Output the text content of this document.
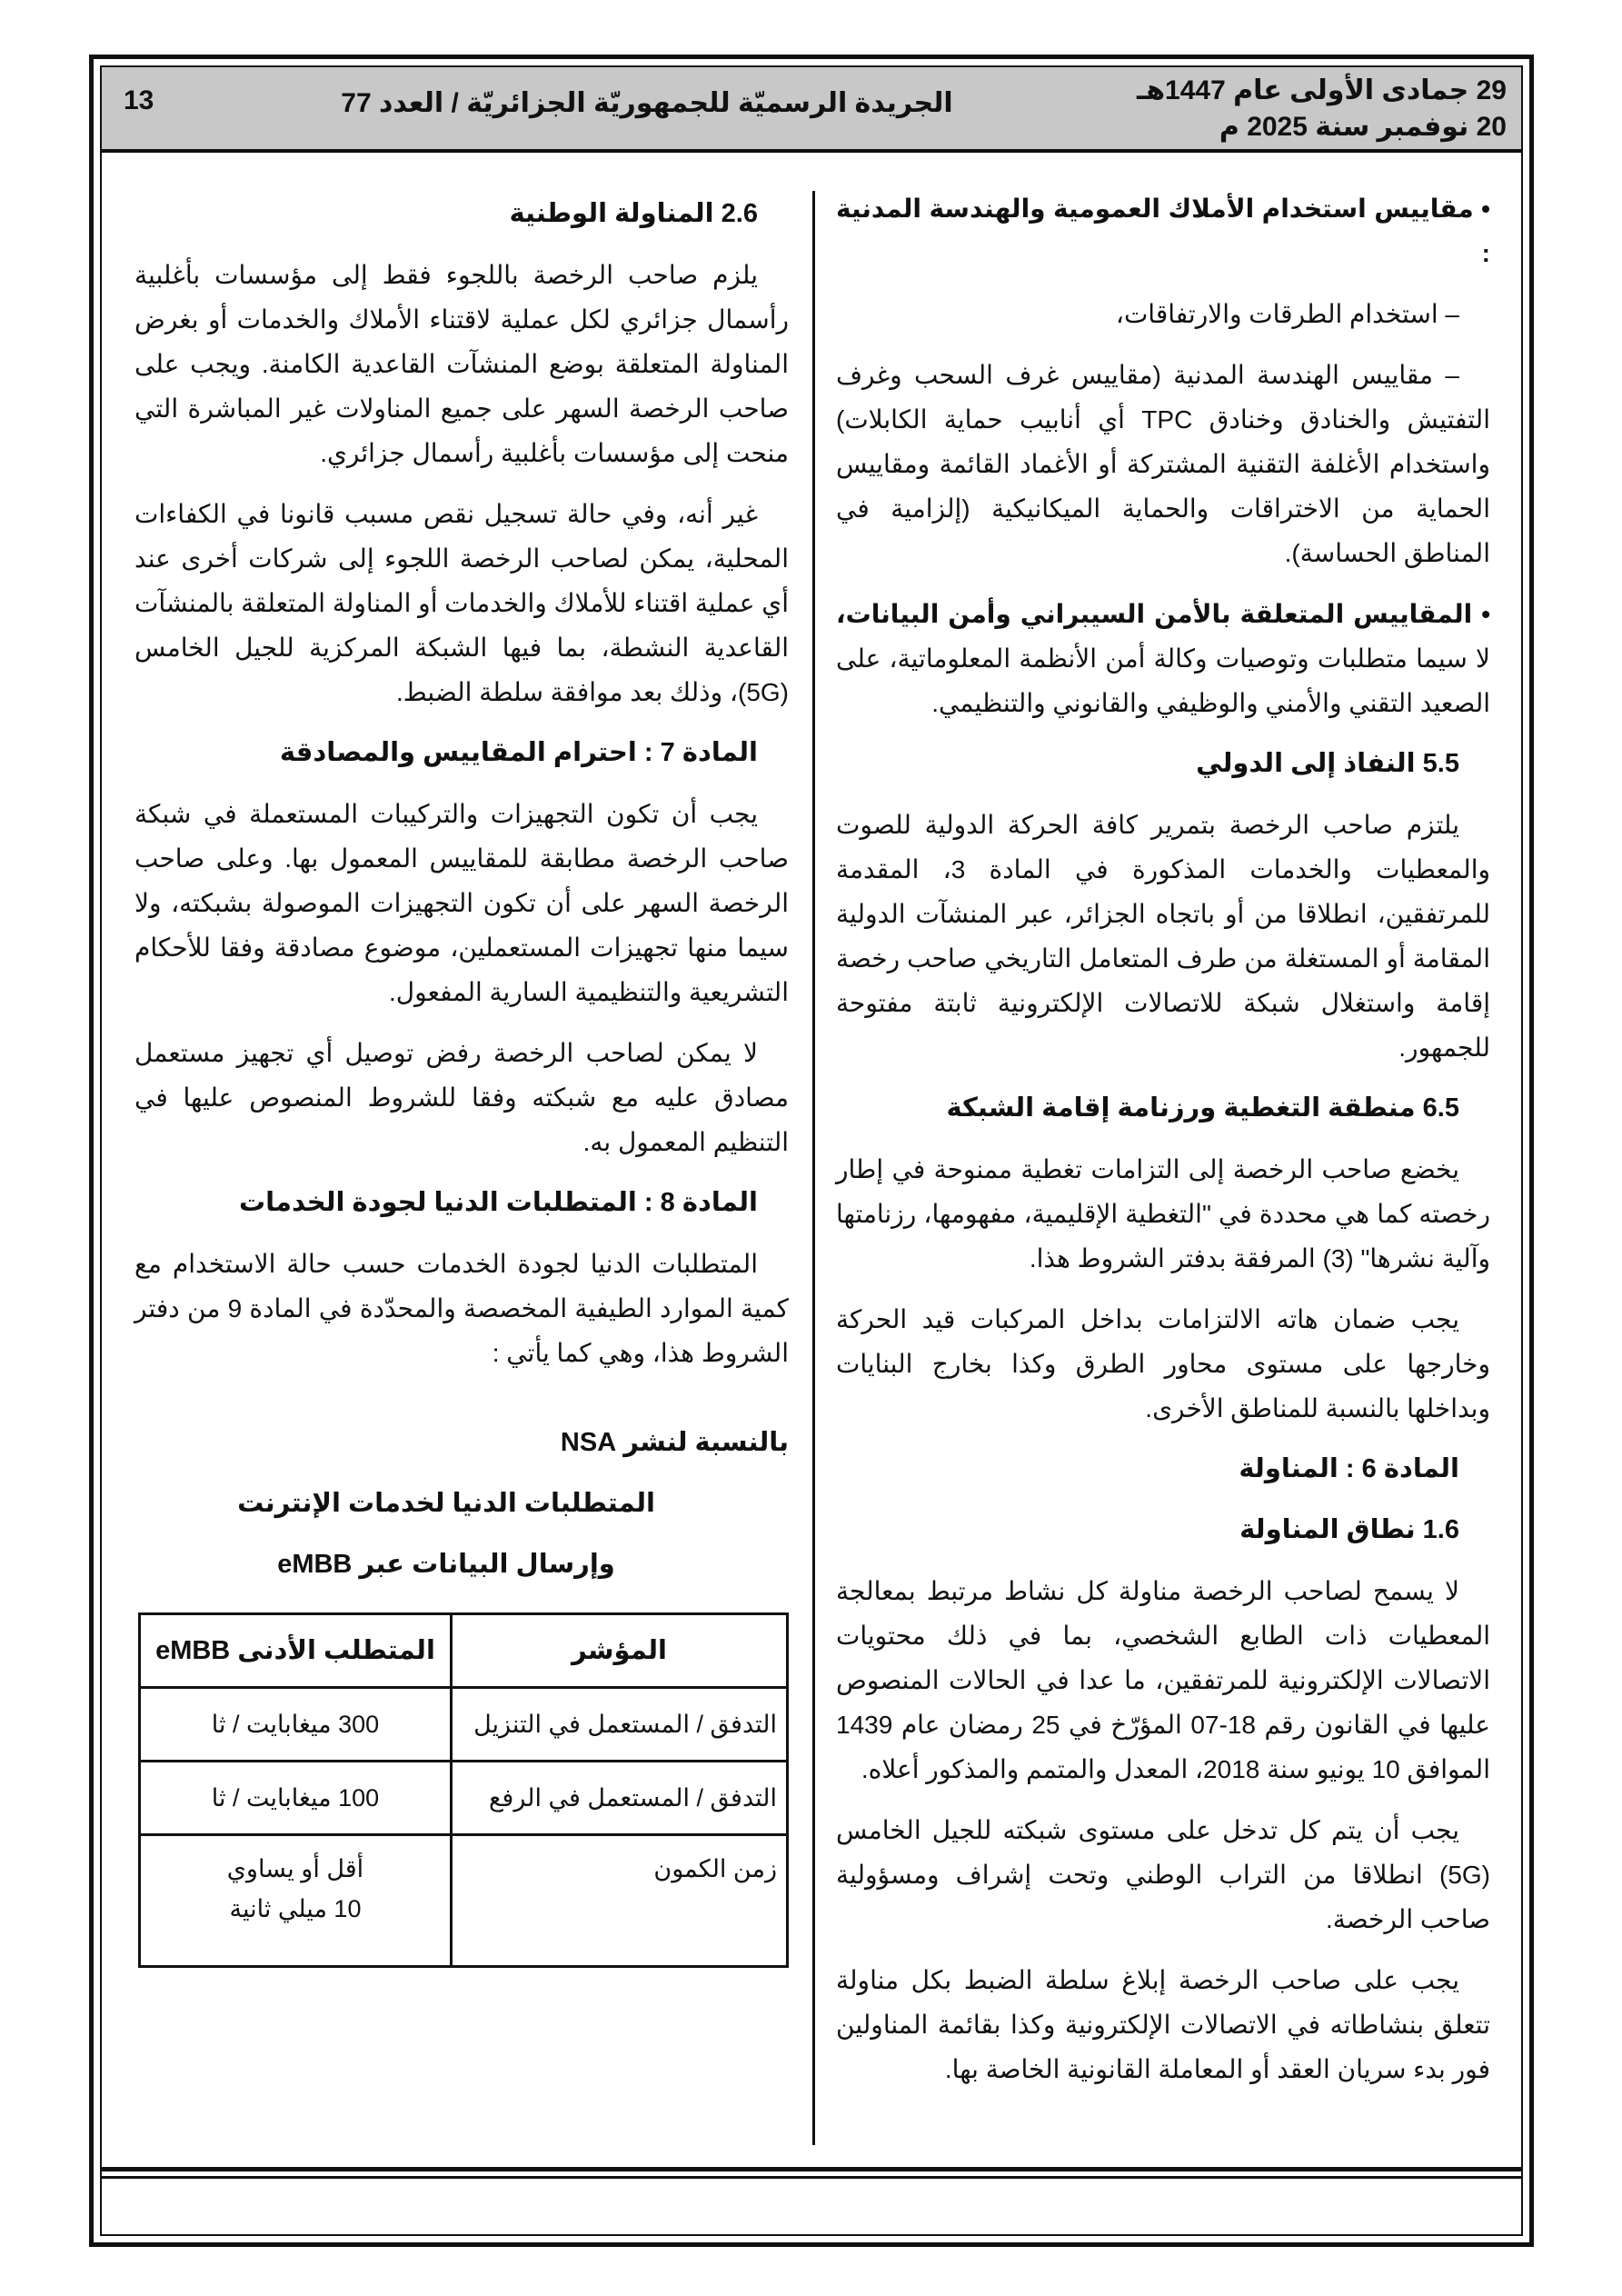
29 جمادى الأولى عام 1447هـ
20 نوفمبر سنة 2025 م
الجريدة الرسميّة للجمهوريّة الجزائريّة / العدد 77
13

• مقاييس استخدام الأملاك العمومية والهندسة المدنية :

– استخدام الطرقات والارتفاقات،

– مقاييس الهندسة المدنية (مقاييس غرف السحب وغرف التفتيش والخنادق وخنادق TPC أي أنابيب حماية الكابلات) واستخدام الأغلفة التقنية المشتركة أو الأغماد القائمة ومقاييس الحماية من الاختراقات والحماية الميكانيكية (إلزامية في المناطق الحساسة).

• المقاييس المتعلقة بالأمن السيبراني وأمن البيانات، لا سيما متطلبات وتوصيات وكالة أمن الأنظمة المعلوماتية، على الصعيد التقني والأمني والوظيفي والقانوني والتنظيمي.

5.5 النفاذ إلى الدولي

يلتزم صاحب الرخصة بتمرير كافة الحركة الدولية للصوت والمعطيات والخدمات المذكورة في المادة 3، المقدمة للمرتفقين، انطلاقا من أو باتجاه الجزائر، عبر المنشآت الدولية المقامة أو المستغلة من طرف المتعامل التاريخي صاحب رخصة إقامة واستغلال شبكة للاتصالات الإلكترونية ثابتة مفتوحة للجمهور.

6.5 منطقة التغطية ورزنامة إقامة الشبكة

يخضع صاحب الرخصة إلى التزامات تغطية ممنوحة في إطار رخصته كما هي محددة في "التغطية الإقليمية، مفهومها، رزنامتها وآلية نشرها" (3) المرفقة بدفتر الشروط هذا.

يجب ضمان هاته الالتزامات بداخل المركبات قيد الحركة وخارجها على مستوى محاور الطرق وكذا بخارج البنايات وبداخلها بالنسبة للمناطق الأخرى.

المادة 6 : المناولة
1.6 نطاق المناولة

لا يسمح لصاحب الرخصة مناولة كل نشاط مرتبط بمعالجة المعطيات ذات الطابع الشخصي، بما في ذلك محتويات الاتصالات الإلكترونية للمرتفقين، ما عدا في الحالات المنصوص عليها في القانون رقم 18-07 المؤرّخ في 25 رمضان عام 1439 الموافق 10 يونيو سنة 2018، المعدل والمتمم والمذكور أعلاه.

يجب أن يتم كل تدخل على مستوى شبكته للجيل الخامس (5G) انطلاقا من التراب الوطني وتحت إشراف ومسؤولية صاحب الرخصة.

يجب على صاحب الرخصة إبلاغ سلطة الضبط بكل مناولة تتعلق بنشاطاته في الاتصالات الإلكترونية وكذا بقائمة المناولين فور بدء سريان العقد أو المعاملة القانونية الخاصة بها.

2.6 المناولة الوطنية

يلزم صاحب الرخصة باللجوء فقط إلى مؤسسات بأغلبية رأسمال جزائري لكل عملية لاقتناء الأملاك والخدمات أو بغرض المناولة المتعلقة بوضع المنشآت القاعدية الكامنة. ويجب على صاحب الرخصة السهر على جميع المناولات غير المباشرة التي منحت إلى مؤسسات بأغلبية رأسمال جزائري.

غير أنه، وفي حالة تسجيل نقص مسبب قانونا في الكفاءات المحلية، يمكن لصاحب الرخصة اللجوء إلى شركات أخرى عند أي عملية اقتناء للأملاك والخدمات أو المناولة المتعلقة بالمنشآت القاعدية النشطة، بما فيها الشبكة المركزية للجيل الخامس (5G)، وذلك بعد موافقة سلطة الضبط.

المادة 7 : احترام المقاييس والمصادقة

يجب أن تكون التجهيزات والتركيبات المستعملة في شبكة صاحب الرخصة مطابقة للمقاييس المعمول بها. وعلى صاحب الرخصة السهر على أن تكون التجهيزات الموصولة بشبكته، ولا سيما منها تجهيزات المستعملين، موضوع مصادقة وفقا للأحكام التشريعية والتنظيمية السارية المفعول.

لا يمكن لصاحب الرخصة رفض توصيل أي تجهيز مستعمل مصادق عليه مع شبكته وفقا للشروط المنصوص عليها في التنظيم المعمول به.

المادة 8 : المتطلبات الدنيا لجودة الخدمات

المتطلبات الدنيا لجودة الخدمات حسب حالة الاستخدام مع كمية الموارد الطيفية المخصصة والمحدّدة في المادة 9 من دفتر الشروط هذا، وهي كما يأتي :

بالنسبة لنشر NSA

المتطلبات الدنيا لخدمات الإنترنت

وإرسال البيانات عبر eMBB

المؤشر	المتطلب الأدنى eMBB
التدفق / المستعمل في التنزيل	300 ميغابايت / ثا
التدفق / المستعمل في الرفع	100 ميغابايت / ثا
زمن الكمون	أقل أو يساوي
10 ميلي ثانية
